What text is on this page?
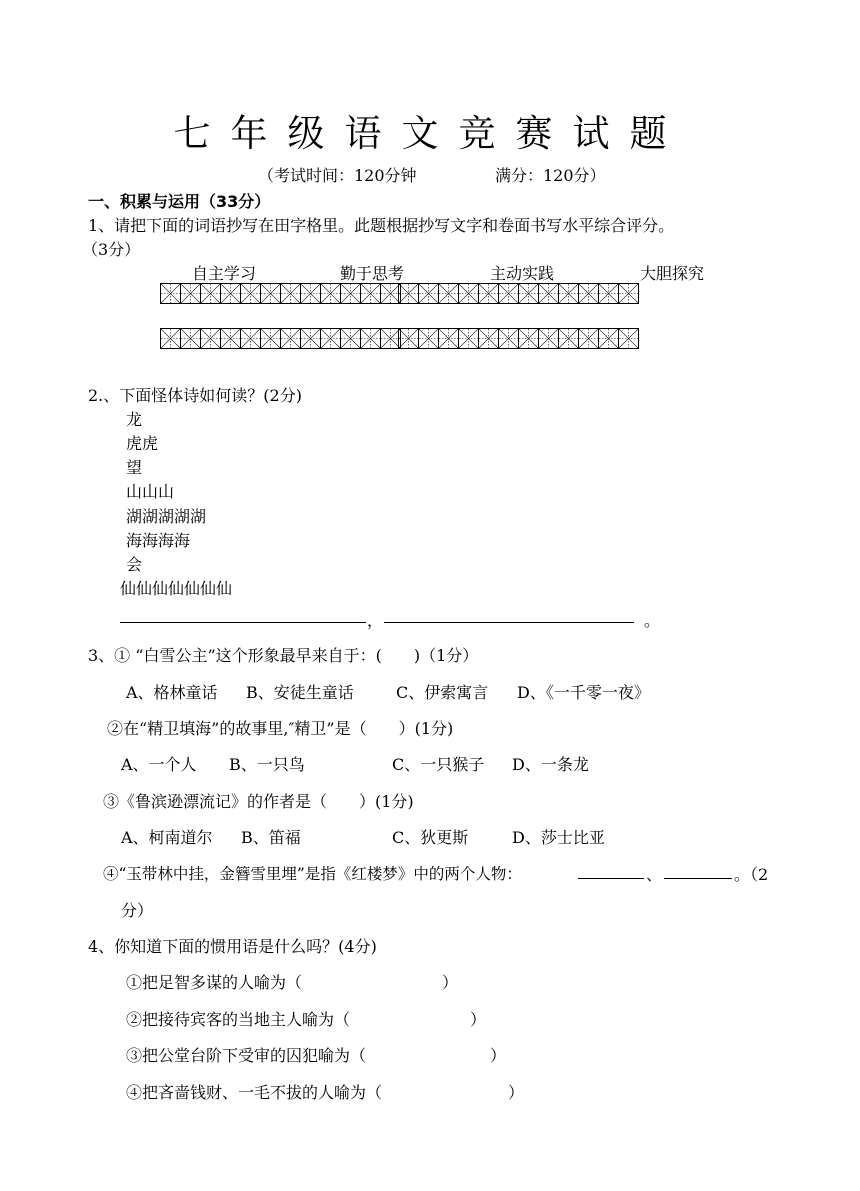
七年级语文竞赛试题
（考试时间：120分钟	满分：120分）
一、积累与运用（33分）
1、请把下面的词语抄写在田字格里。此题根据抄写文字和卷面书写水平综合评分。
（3分）
自主学习	勤于思考	主动实践	大胆探究
2.、下面怪体诗如何读？(2分)
龙
虎虎
望
山山山
湖湖湖湖湖
海海海海
会
仙仙仙仙仙仙仙
，	。
3、① “白雪公主”这个形象最早来自于：(　　)（1分）
A、格林童话 B、安徒生童话	C、伊索寓言 D、《一千零一夜》
②在“精卫填海”的故事里,″精卫”是（　　）(1分)
A、一个人 B、一只鸟	C、一只猴子 D、一条龙
③《鲁滨逊漂流记》的作者是（　　）(1分)
A、柯南道尔 B、笛福	C、狄更斯	D、莎士比亚
④“玉带林中挂，金簪雪里埋”是指《红楼梦》中的两个人物：	、	。（2
分）
4、你知道下面的惯用语是什么吗？(4分)
①把足智多谋的人喻为（	）
②把接待宾客的当地主人喻为（	）
③把公堂台阶下受审的囚犯喻为（	）
④把吝啬钱财、一毛不拔的人喻为（	）
